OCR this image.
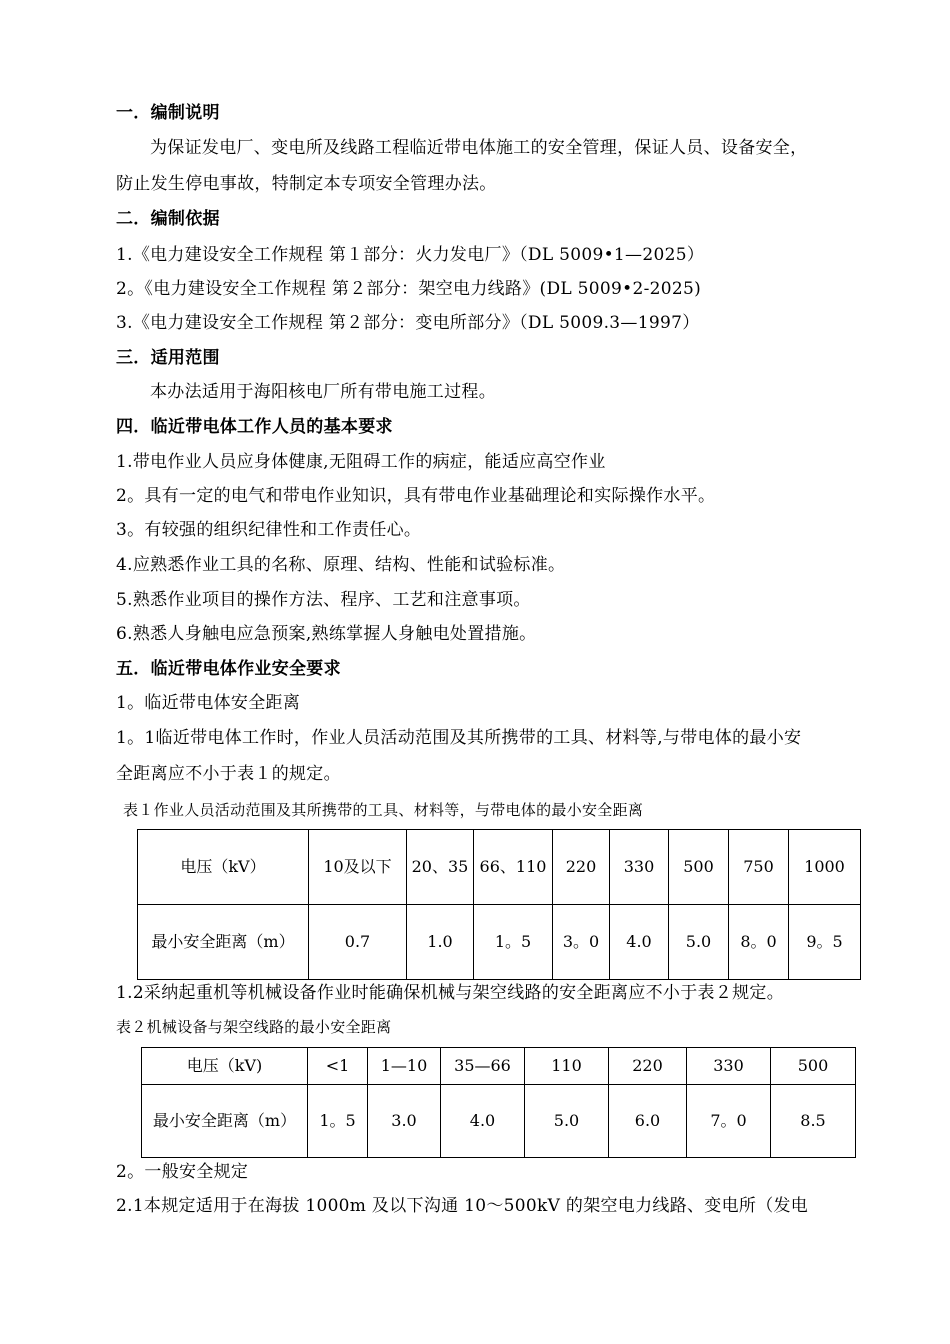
一．编制说明
为保证发电厂、变电所及线路工程临近带电体施工的安全管理，保证人员、设备安全，
防止发生停电事故，特制定本专项安全管理办法。
二．编制依据
1.《电力建设安全工作规程 第１部分：火力发电厂》（DL 5009•1—2025）
2。《电力建设安全工作规程 第２部分：架空电力线路》(DL 5009•2-2025)
3.《电力建设安全工作规程 第２部分：变电所部分》（DL 5009.3—1997）
三．适用范围
本办法适用于海阳核电厂所有带电施工过程。
四．临近带电体工作人员的基本要求
1.带电作业人员应身体健康,无阻碍工作的病症，能适应高空作业
2。具有一定的电气和带电作业知识，具有带电作业基础理论和实际操作水平。
3。有较强的组织纪律性和工作责任心。
4.应熟悉作业工具的名称、原理、结构、性能和试验标准。
5.熟悉作业项目的操作方法、程序、工艺和注意事项。
6.熟悉人身触电应急预案,熟练掌握人身触电处置措施。
五．临近带电体作业安全要求
1。临近带电体安全距离
1。1临近带电体工作时，作业人员活动范围及其所携带的工具、材料等,与带电体的最小安
全距离应不小于表１的规定。
表１作业人员活动范围及其所携带的工具、材料等，与带电体的最小安全距离
电压（kV）	10及以下	20、35	66、110	220	330	500	750	1000
最小安全距离（m）	0.7	1.0	1。5	3。0	4.0	5.0	8。0	9。5
1.2采纳起重机等机械设备作业时能确保机械与架空线路的安全距离应不小于表２规定。
表２机械设备与架空线路的最小安全距离
电压（kV)	<1	1—10	35—66	110	220	330	500
最小安全距离（m）	1。5	3.0	4.0	5.0	6.0	7。0	8.5
2。一般安全规定
2.1本规定适用于在海拔 1000m 及以下沟通 10～500kV 的架空电力线路、变电所（发电
